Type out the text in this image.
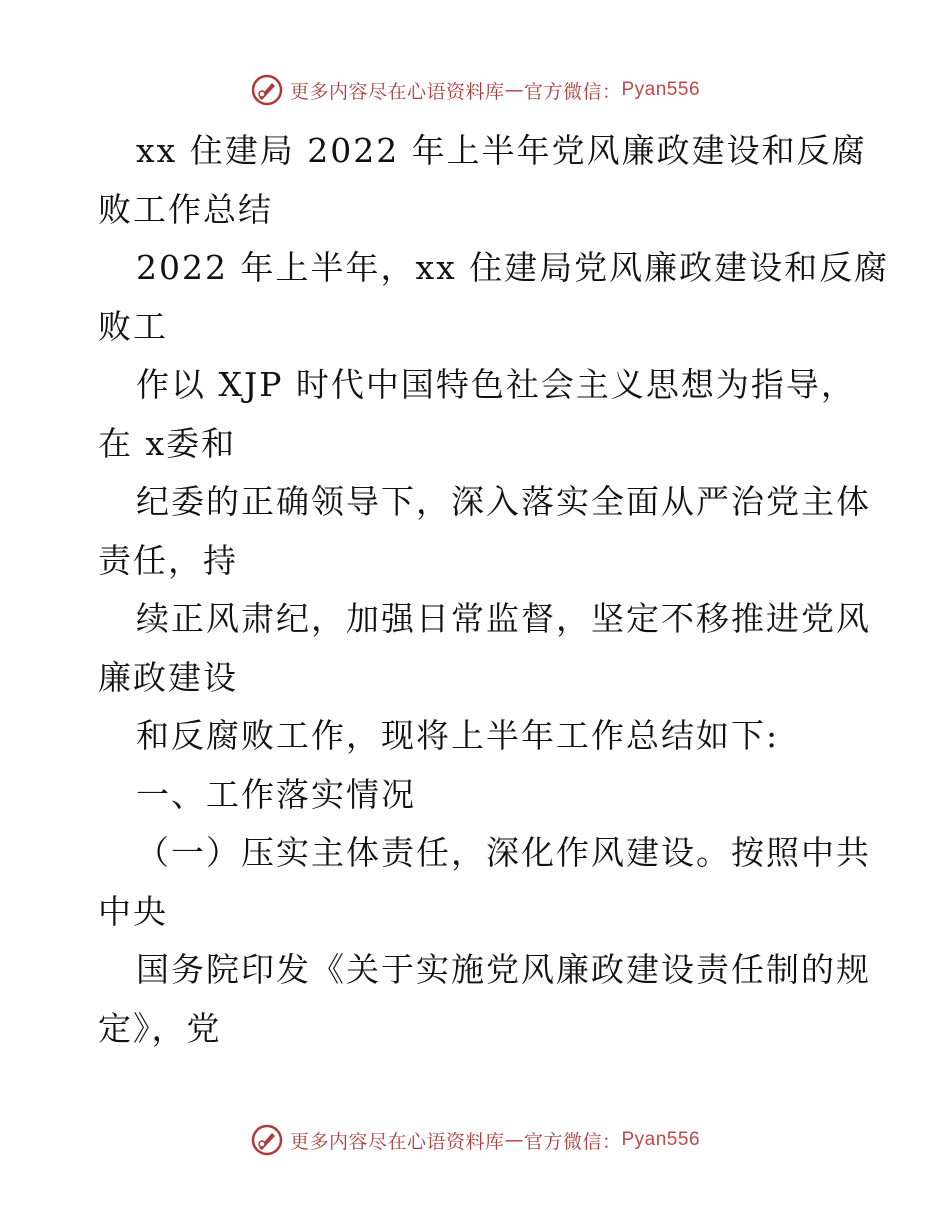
更多内容尽在心语资料库 — 官方微信： Pyan556
xx 住建局 2022 年上半年党风廉政建设和反腐
败工作总结
2022 年上半年，xx 住建局党风廉政建设和反腐
败工
作以 XJP 时代中国特色社会主义思想为指导，
在 x委和
纪委的正确领导下，深入落实全面从严治党主体
责任，持
续正风肃纪，加强日常监督，坚定不移推进党风
廉政建设
和反腐败工作，现将上半年工作总结如下:
一、工作落实情况
（一）压实主体责任，深化作风建设。按照中共
中央
国务院印发《关于实施党风廉政建设责任制的规
定》，党
更多内容尽在心语资料库 — 官方微信： Pyan556
